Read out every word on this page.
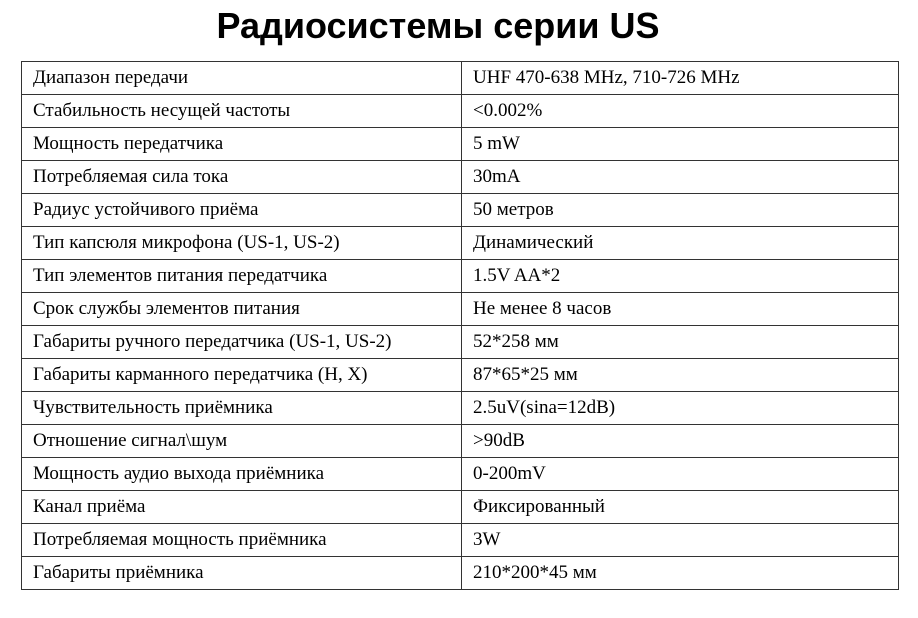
Радиосистемы серии US
Диапазон передачи	UHF 470-638 MHz, 710-726 MHz
Стабильность несущей частоты	<0.002%
Мощность передатчика	5 mW
Потребляемая сила тока	30mA
Радиус устойчивого приёма	50 метров
Тип капсюля микрофона (US-1, US-2)	Динамический
Тип элементов питания передатчика	1.5V AA*2
Срок службы элементов питания	Не менее 8 часов
Габариты ручного передатчика (US-1, US-2)	52*258 мм
Габариты карманного передатчика (H, X)	87*65*25 мм
Чувствительность приёмника	2.5uV(sina=12dB)
Отношение сигнал\шум	>90dB
Мощность аудио выхода приёмника	0-200mV
Канал приёма	Фиксированный
Потребляемая мощность приёмника	3W
Габариты приёмника	210*200*45 мм
